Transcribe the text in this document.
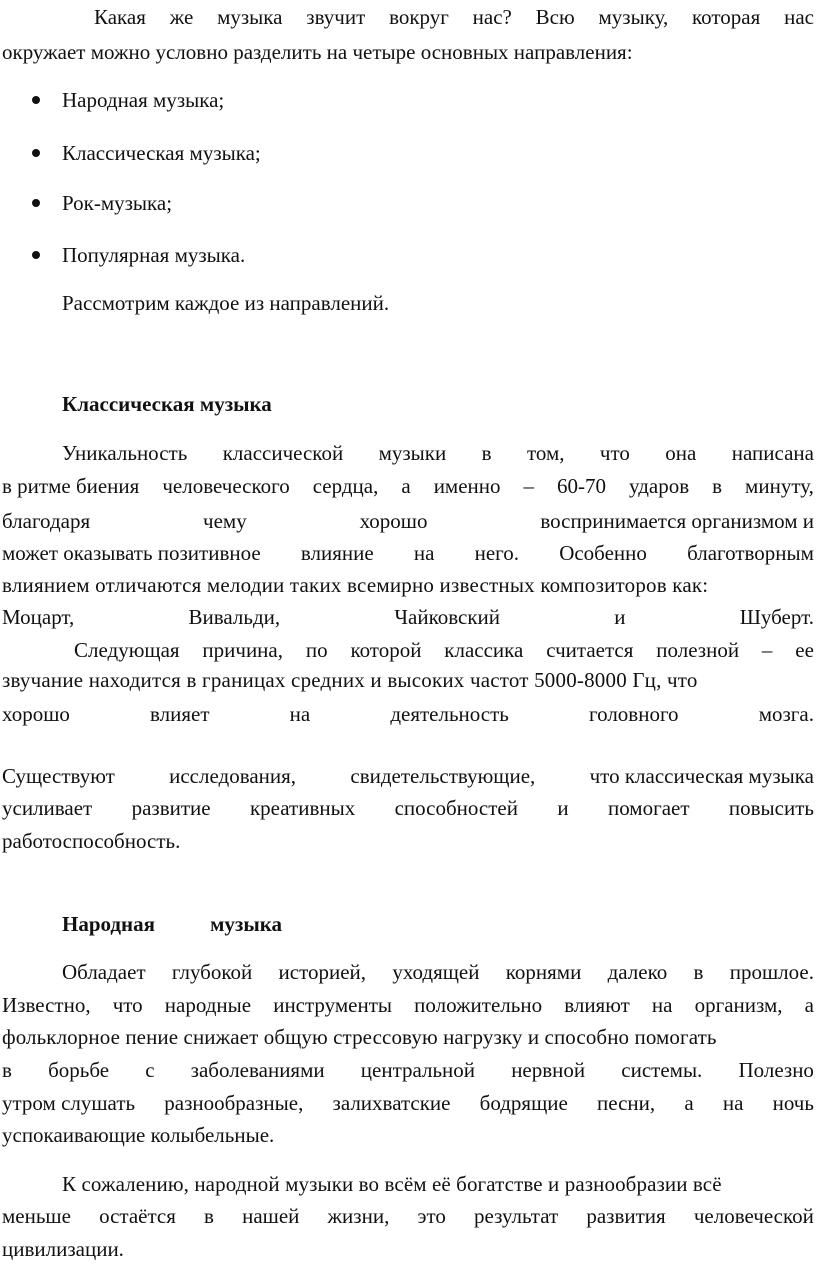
Какая же музыка звучит вокруг нас? Всю музыку, которая нас
окружает можно условно разделить на четыре основных направления:
Народная музыка;
Классическая музыка;
Рок-музыка;
Популярная музыка.
Рассмотрим каждое из направлений.
Классическая музыка
Уникальность классической музыки в том, что она написана
в ритме биения человеческого сердца, а именно – 60-70 ударов в минуту,
благодаря	чему	хорошо	воспринимается организмом и
может оказывать позитивное влияние на него. Особенно благотворным
влиянием отличаются мелодии таких всемирно известных композиторов как:
Моцарт,	Вивальди,	Чайковский	и	Шуберт.
Следующая причина, по которой классика считается полезной – ее
звучание находится в границах средних и высоких частот 5000-8000 Гц, что
хорошо	влияет	на	деятельность	головного	мозга.
Существуют	исследования,	свидетельствующие,	что классическая музыка
усиливает развитие креативных способностей и помогает повысить
работоспособность.
Народная	музыка
Обладает глубокой историей, уходящей корнями далеко в прошлое.
Известно, что народные инструменты положительно влияют на организм, а
фольклорное пение снижает общую стрессовую нагрузку и способно помогать
в борьбе с заболеваниями центральной нервной системы. Полезно
утром слушать разнообразные, залихватские бодрящие песни, а на ночь
успокаивающие колыбельные.
К сожалению, народной музыки во всём её богатстве и разнообразии всё
меньше остаётся в нашей жизни, это результат развития человеческой
цивилизации.
